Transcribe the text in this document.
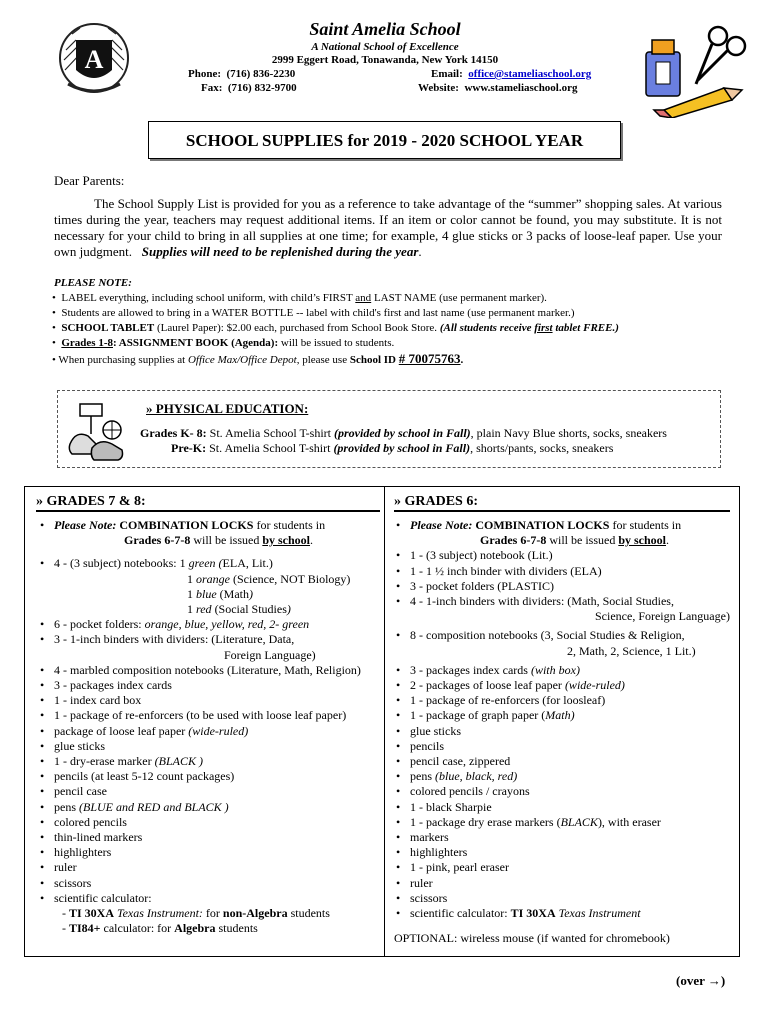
A
Saint Amelia School
A National School of Excellence
2999 Eggert Road, Tonawanda, New York 14150
Phone: (716) 836-2230
Fax: (716) 832-9700
Email: office@stameliaschool.org
Website: www.stameliaschool.org
SCHOOL SUPPLIES for 2019 - 2020 SCHOOL YEAR
Dear Parents:
The School Supply List is provided for you as a reference to take advantage of the “summer” shopping sales. At various times during the year, teachers may request additional items. If an item or color cannot be found, you may substitute. It is not necessary for your child to bring in all supplies at one time; for example, 4 glue sticks or 3 packs of loose-leaf paper. Use your own judgment. Supplies will need to be replenished during the year.
PLEASE NOTE:
•  LABEL everything, including school uniform, with child’s FIRST and LAST NAME (use permanent marker).
•  Students are allowed to bring in a WATER BOTTLE -- label with child's first and last name (use permanent marker.)
•  SCHOOL TABLET (Laurel Paper): $2.00 each, purchased from School Book Store. (All students receive first tablet FREE.)
•  Grades 1-8: ASSIGNMENT BOOK (Agenda): will be issued to students.
• When purchasing supplies at Office Max/Office Depot, please use School ID # 70075763.
» PHYSICAL EDUCATION:
Grades K- 8: St. Amelia School T-shirt (provided by school in Fall), plain Navy Blue shorts, socks, sneakers
Pre-K: St. Amelia School T-shirt (provided by school in Fall), shorts/pants, socks, sneakers
» GRADES 7 & 8:
• Please Note: COMBINATION LOCKS for students in
Grades 6-7-8 will be issued by school.
• 4 - (3 subject) notebooks: 1 green (ELA, Lit.)
1 orange (Science, NOT Biology)
1 blue (Math)
1 red (Social Studies)
• 6 - pocket folders: orange, blue, yellow, red, 2- green
• 3 - 1-inch binders with dividers: (Literature, Data,
Foreign Language)
• 4 - marbled composition notebooks (Literature, Math, Religion)
• 3 - packages index cards
• 1 - index card box
• 1 - package of re-enforcers (to be used with loose leaf paper)
• package of loose leaf paper (wide-ruled)
• glue sticks
• 1 - dry-erase marker (BLACK )
• pencils (at least 5-12 count packages)
• pencil case
• pens (BLUE and RED and BLACK )
• colored pencils
• thin-lined markers
• highlighters
• ruler
• scissors
• scientific calculator:
- TI 30XA Texas Instrument: for non-Algebra students
- TI84+ calculator: for Algebra students
» GRADES 6:
• Please Note: COMBINATION LOCKS for students in
Grades 6-7-8 will be issued by school.
• 1 - (3 subject) notebook (Lit.)
• 1 - 1 ½ inch binder with dividers (ELA)
• 3 - pocket folders (PLASTIC)
• 4 - 1-inch binders with dividers: (Math, Social Studies,
Science, Foreign Language)
• 8 - composition notebooks (3, Social Studies & Religion,
2, Math, 2, Science, 1 Lit.)
• 3 - packages index cards (with box)
• 2 - packages of loose leaf paper (wide-ruled)
• 1 - package of re-enforcers (for loosleaf)
• 1 - package of graph paper (Math)
• glue sticks
• pencils
• pencil case, zippered
• pens (blue, black, red)
• colored pencils / crayons
• 1 - black Sharpie
• 1 - package dry erase markers (BLACK), with eraser
• markers
• highlighters
• 1 - pink, pearl eraser
• ruler
• scissors
• scientific calculator: TI 30XA Texas Instrument
OPTIONAL: wireless mouse (if wanted for chromebook)
(over →)
